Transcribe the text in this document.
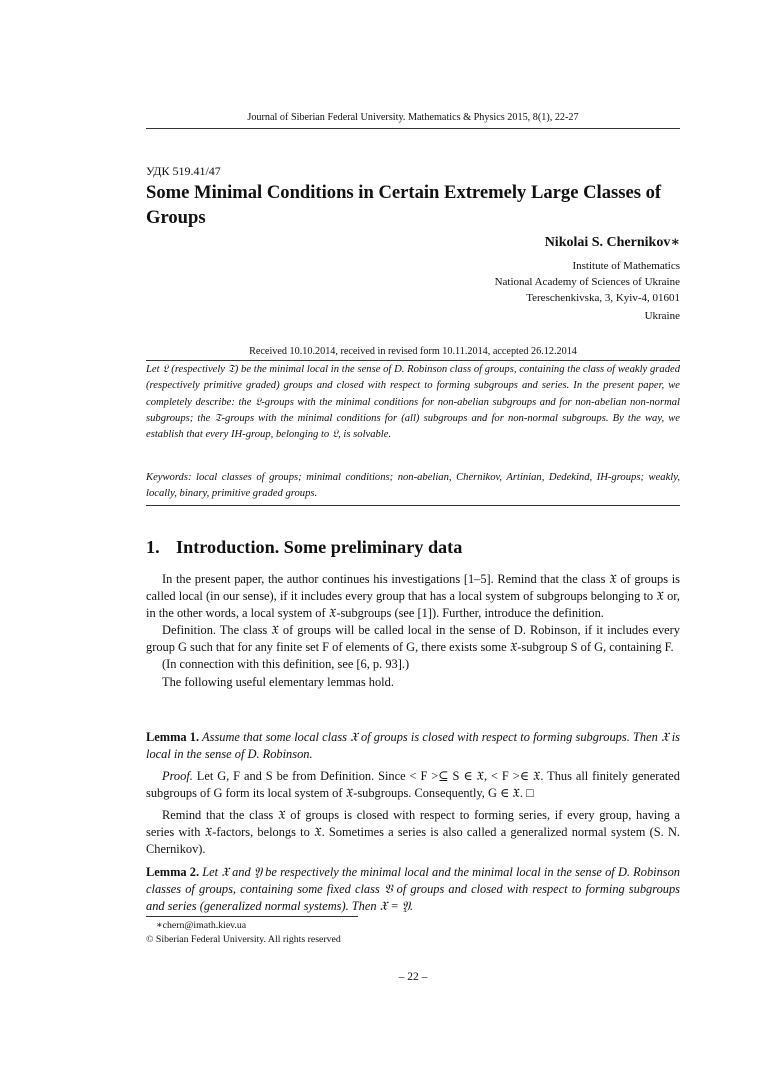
Journal of Siberian Federal University. Mathematics & Physics 2015, 8(1), 22-27
УДК 519.41/47
Some Minimal Conditions in Certain Extremely Large Classes of Groups
Nikolai S. Chernikov∗
Institute of Mathematics
National Academy of Sciences of Ukraine
Tereschenkivska, 3, Kyiv-4, 01601
Ukraine
Received 10.10.2014, received in revised form 10.11.2014, accepted 26.12.2014
Let 𝔏 (respectively 𝔗) be the minimal local in the sense of D. Robinson class of groups, containing the class of weakly graded (respectively primitive graded) groups and closed with respect to forming subgroups and series. In the present paper, we completely describe: the 𝔏-groups with the minimal conditions for non-abelian subgroups and for non-abelian non-normal subgroups; the 𝔗-groups with the minimal conditions for (all) subgroups and for non-normal subgroups. By the way, we establish that every IH-group, belonging to 𝔏, is solvable.
Keywords: local classes of groups; minimal conditions; non-abelian, Chernikov, Artinian, Dedekind, IH-groups; weakly, locally, binary, primitive graded groups.
1. Introduction. Some preliminary data

In the present paper, the author continues his investigations [1–5]. Remind that the class 𝔛 of groups is called local (in our sense), if it includes every group that has a local system of subgroups belonging to 𝔛 or, in the other words, a local system of 𝔛-subgroups (see [1]). Further, introduce the definition.

Definition. The class 𝔛 of groups will be called local in the sense of D. Robinson, if it includes every group G such that for any finite set F of elements of G, there exists some 𝔛-subgroup S of G, containing F.

(In connection with this definition, see [6, p. 93].)

The following useful elementary lemmas hold.

Lemma 1. Assume that some local class 𝔛 of groups is closed with respect to forming subgroups. Then 𝔛 is local in the sense of D. Robinson.

Proof. Let G, F and S be from Definition. Since < F >⊆ S ∈ 𝔛, < F >∈ 𝔛. Thus all finitely generated subgroups of G form its local system of 𝔛-subgroups. Consequently, G ∈ 𝔛. □

Remind that the class 𝔛 of groups is closed with respect to forming series, if every group, having a series with 𝔛-factors, belongs to 𝔛. Sometimes a series is also called a generalized normal system (S. N. Chernikov).

Lemma 2. Let 𝔛 and 𝔜 be respectively the minimal local and the minimal local in the sense of D. Robinson classes of groups, containing some fixed class 𝔙 of groups and closed with respect to forming subgroups and series (generalized normal systems). Then 𝔛 = 𝔜.

∗chern@imath.kiev.ua
© Siberian Federal University. All rights reserved
– 22 –
